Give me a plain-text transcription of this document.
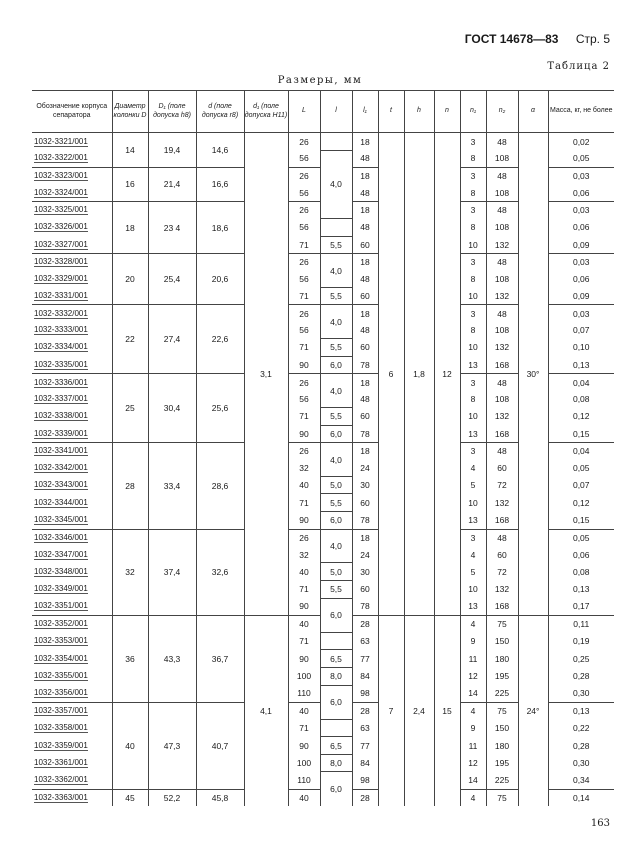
ГОСТ 14678—83 Стр. 5
Таблица 2
Размеры, мм
Обозначение корпуса сепаратора	Диаметр колонки D	D₁ (поле допуска h8)	d (поле допуска r8)	d₁ (поле допуска H11)	L	l	l₁	t	h	n	n₁	n₂	α	Масса, кг, не более
1032-3321/001	14	19,4	14,6	3,1	26		18	6	1,8	12	3	48	30°	0,02
1032-3322/001					56	4,0	48				8	108		0,05
1032-3323/001	16	21,4	16,6		26		18				3	48		0,03
1032-3324/001					56		48				8	108		0,06
1032-3325/001	18	23 4	18,6		26		18				3	48		0,03
1032-3326/001					56		48				8	108		0,06
1032-3327/001					71	5,5	60				10	132		0,09
1032-3328/001	20	25,4	20,6		26	4,0	18				3	48		0,03
1032-3329/001					56		48				8	108		0,06
1032-3331/001					71	5,5	60				10	132		0,09
1032-3332/001	22	27,4	22,6		26	4,0	18				3	48		0,03
1032-3333/001					56		48				8	108		0,07
1032-3334/001					71	5,5	60				10	132		0,10
1032-3335/001					90	6,0	78				13	168		0,13
1032-3336/001	25	30,4	25,6		26	4,0	18				3	48		0,04
1032-3337/001					56		48				8	108		0,08
1032-3338/001					71	5,5	60				10	132		0,12
1032-3339/001					90	6,0	78				13	168		0,15
1032-3341/001	28	33,4	28,6		26	4,0	18				3	48		0,04
1032-3342/001					32		24				4	60		0,05
1032-3343/001					40	5,0	30				5	72		0,07
1032-3344/001					71	5,5	60				10	132		0,12
1032-3345/001					90	6,0	78				13	168		0,15
1032-3346/001	32	37,4	32,6		26	4,0	18				3	48		0,05
1032-3347/001					32		24				4	60		0,06
1032-3348/001					40	5,0	30				5	72		0,08
1032-3349/001					71	5,5	60				10	132		0,13
1032-3351/001					90	6,0	78				13	168		0,17
1032-3352/001	36	43,3	36,7	4,1	40		28	7	2,4	15	4	75	24°	0,11
1032-3353/001					71		63				9	150		0,19
1032-3354/001					90	6,5	77				11	180		0,25
1032-3355/001					100	8,0	84				12	195		0,28
1032-3356/001					110	6,0	98				14	225		0,30
1032-3357/001	40	47,3	40,7		40		28				4	75		0,13
1032-3358/001					71		63				9	150		0,22
1032-3359/001					90	6,5	77				11	180		0,28
1032-3361/001					100	8,0	84				12	195		0,30
1032-3362/001					110	6,0	98				14	225		0,34
1032-3363/001	45	52,2	45,8		40		28				4	75		0,14
163
